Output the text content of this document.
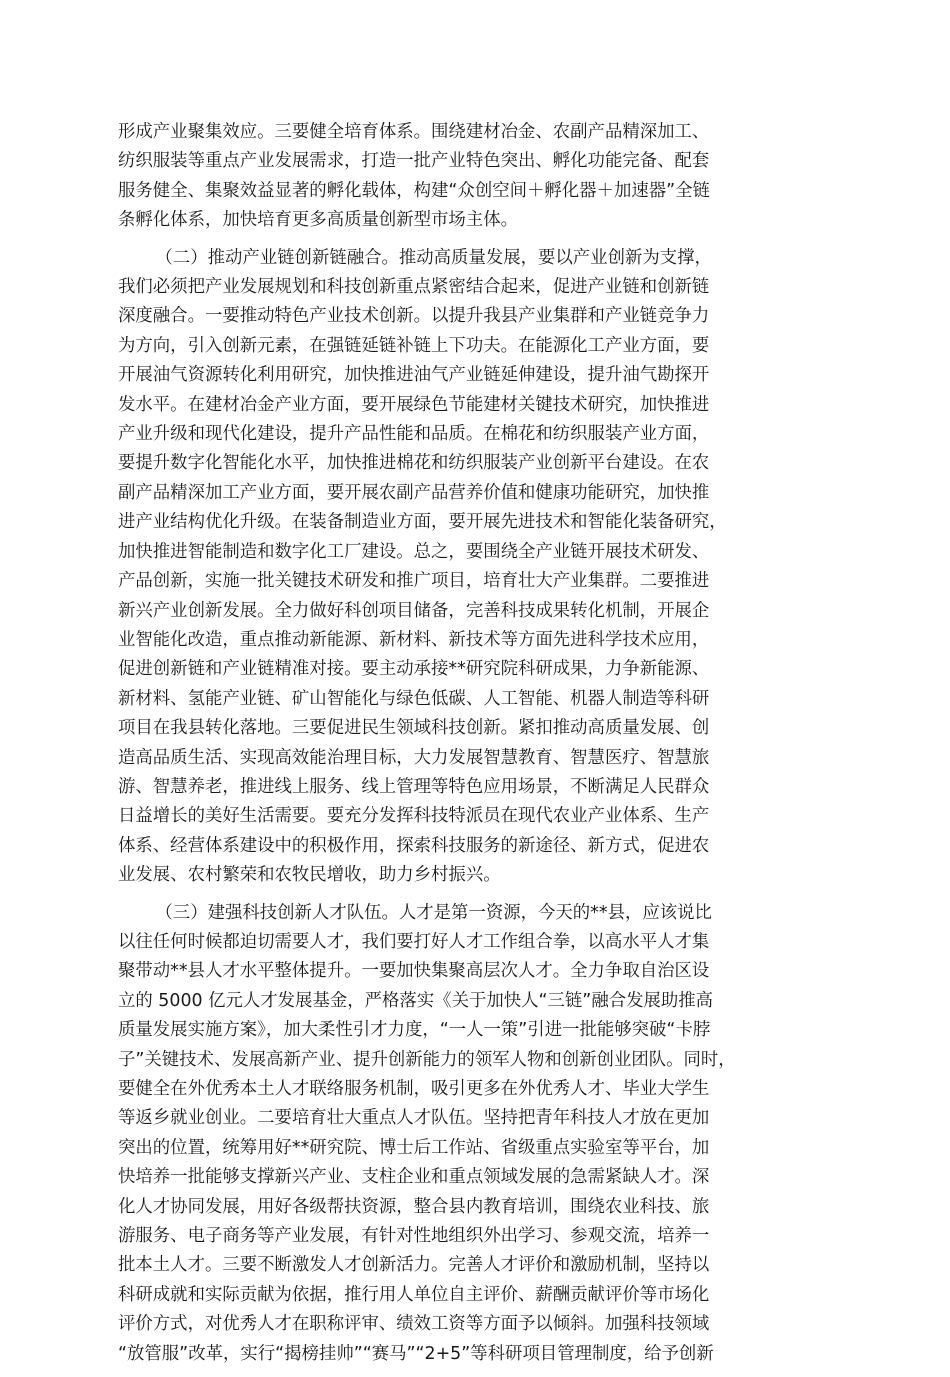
形成产业聚集效应。三要健全培育体系。围绕建材冶金、农副产品精深加工、
纺织服装等重点产业发展需求，打造一批产业特色突出、孵化功能完备、配套
服务健全、集聚效益显著的孵化载体，构建“众创空间＋孵化器＋加速器”全链
条孵化体系，加快培育更多高质量创新型市场主体。
（二）推动产业链创新链融合。推动高质量发展，要以产业创新为支撑，
我们必须把产业发展规划和科技创新重点紧密结合起来，促进产业链和创新链
深度融合。一要推动特色产业技术创新。以提升我县产业集群和产业链竞争力
为方向，引入创新元素，在强链延链补链上下功夫。在能源化工产业方面，要
开展油气资源转化利用研究，加快推进油气产业链延伸建设，提升油气勘探开
发水平。在建材冶金产业方面，要开展绿色节能建材关键技术研究，加快推进
产业升级和现代化建设，提升产品性能和品质。在棉花和纺织服装产业方面，
要提升数字化智能化水平，加快推进棉花和纺织服装产业创新平台建设。在农
副产品精深加工产业方面，要开展农副产品营养价值和健康功能研究，加快推
进产业结构优化升级。在装备制造业方面，要开展先进技术和智能化装备研究，
加快推进智能制造和数字化工厂建设。总之，要围绕全产业链开展技术研发、
产品创新，实施一批关键技术研发和推广项目，培育壮大产业集群。二要推进
新兴产业创新发展。全力做好科创项目储备，完善科技成果转化机制，开展企
业智能化改造，重点推动新能源、新材料、新技术等方面先进科学技术应用，
促进创新链和产业链精准对接。要主动承接**研究院科研成果，力争新能源、
新材料、氢能产业链、矿山智能化与绿色低碳、人工智能、机器人制造等科研
项目在我县转化落地。三要促进民生领域科技创新。紧扣推动高质量发展、创
造高品质生活、实现高效能治理目标，大力发展智慧教育、智慧医疗、智慧旅
游、智慧养老，推进线上服务、线上管理等特色应用场景，不断满足人民群众
日益增长的美好生活需要。要充分发挥科技特派员在现代农业产业体系、生产
体系、经营体系建设中的积极作用，探索科技服务的新途径、新方式，促进农
业发展、农村繁荣和农牧民增收，助力乡村振兴。
（三）建强科技创新人才队伍。人才是第一资源，今天的**县，应该说比
以往任何时候都迫切需要人才，我们要打好人才工作组合拳，以高水平人才集
聚带动**县人才水平整体提升。一要加快集聚高层次人才。全力争取自治区设
立的 5000 亿元人才发展基金，严格落实《关于加快人“三链”融合发展助推高
质量发展实施方案》，加大柔性引才力度，“一人一策”引进一批能够突破“卡脖
子”关键技术、发展高新产业、提升创新能力的领军人物和创新创业团队。同时，
要健全在外优秀本土人才联络服务机制，吸引更多在外优秀人才、毕业大学生
等返乡就业创业。二要培育壮大重点人才队伍。坚持把青年科技人才放在更加
突出的位置，统筹用好**研究院、博士后工作站、省级重点实验室等平台，加
快培养一批能够支撑新兴产业、支柱企业和重点领域发展的急需紧缺人才。深
化人才协同发展，用好各级帮扶资源，整合县内教育培训，围绕农业科技、旅
游服务、电子商务等产业发展，有针对性地组织外出学习、参观交流，培养一
批本土人才。三要不断激发人才创新活力。完善人才评价和激励机制，坚持以
科研成就和实际贡献为依据，推行用人单位自主评价、薪酬贡献评价等市场化
评价方式，对优秀人才在职称评审、绩效工资等方面予以倾斜。加强科技领域
“放管服”改革，实行“揭榜挂帅”“赛马”“2+5”等科研项目管理制度，给予创新
